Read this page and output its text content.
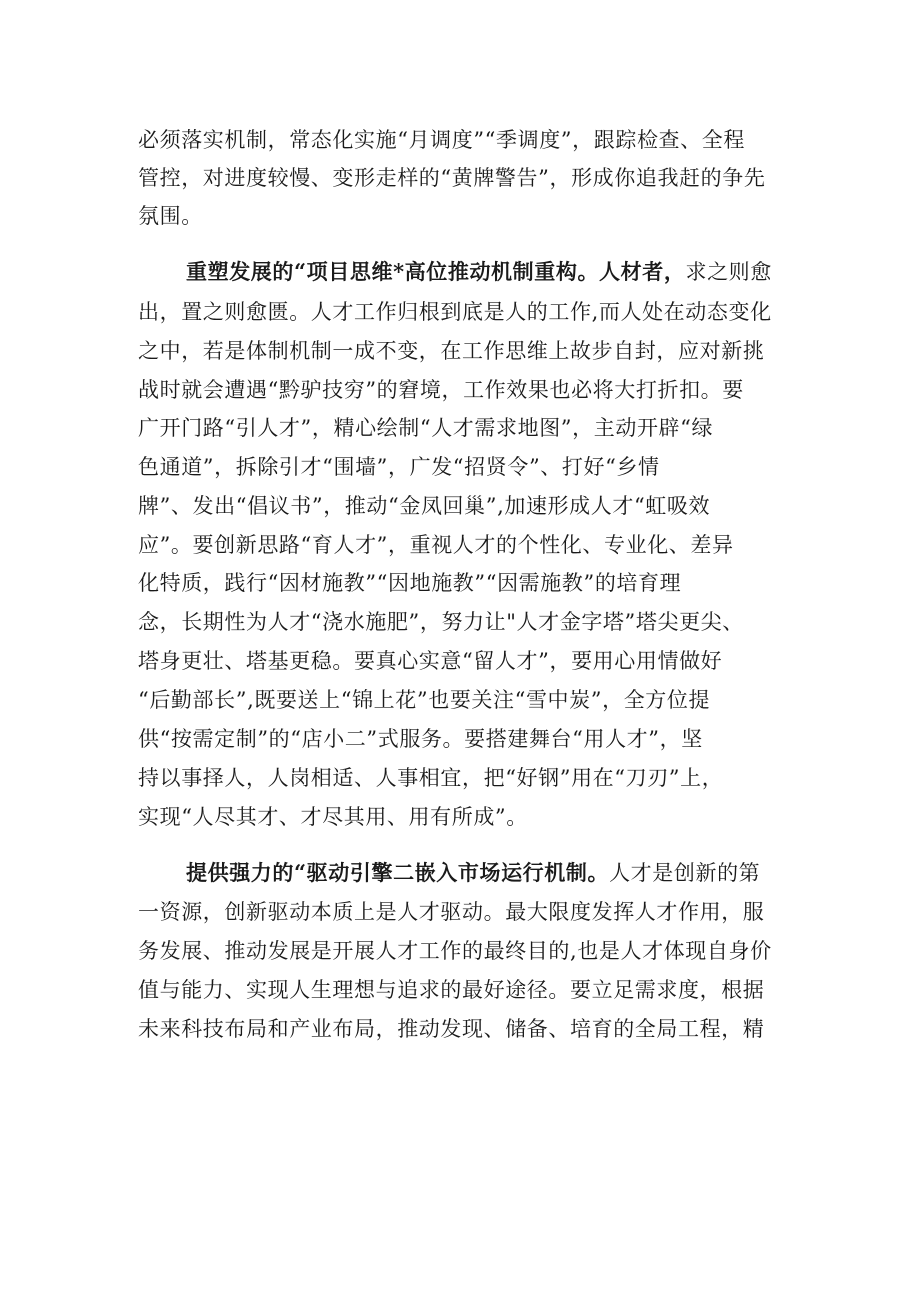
必须落实机制，常态化实施“月调度”“季调度”，跟踪检查、全程
管控，对进度较慢、变形走样的“黄牌警告”，形成你追我赶的争先
氛围。
重塑发展的“项目思维*高位推动机制重构。人材者，求之则愈
出，置之则愈匮。人才工作归根到底是人的工作,而人处在动态变化
之中，若是体制机制一成不变，在工作思维上故步自封，应对新挑
战时就会遭遇“黔驴技穷”的窘境，工作效果也必将大打折扣。要
广开门路“引人才”，精心绘制“人才需求地图”，主动开辟“绿
色通道”，拆除引才“围墙”，广发“招贤令”、打好“乡情
牌”、发出“倡议书”，推动“金凤回巢”,加速形成人才“虹吸效
应”。要创新思路“育人才”，重视人才的个性化、专业化、差异
化特质，践行“因材施教”“因地施教”“因需施教”的培育理
念，长期性为人才“浇水施肥”，努力让"人才金字塔”塔尖更尖、
塔身更壮、塔基更稳。要真心实意“留人才”，要用心用情做好
“后勤部长”,既要送上“锦上花”也要关注“雪中炭”，全方位提
供“按需定制”的“店小二”式服务。要搭建舞台“用人才”，坚
持以事择人，人岗相适、人事相宜，把“好钢”用在“刀刃”上，
实现“人尽其才、才尽其用、用有所成”。
提供强力的“驱动引擎二嵌入市场运行机制。人才是创新的第
一资源，创新驱动本质上是人才驱动。最大限度发挥人才作用，服
务发展、推动发展是开展人才工作的最终目的,也是人才体现自身价
值与能力、实现人生理想与追求的最好途径。要立足需求度，根据
未来科技布局和产业布局，推动发现、储备、培育的全局工程，精
